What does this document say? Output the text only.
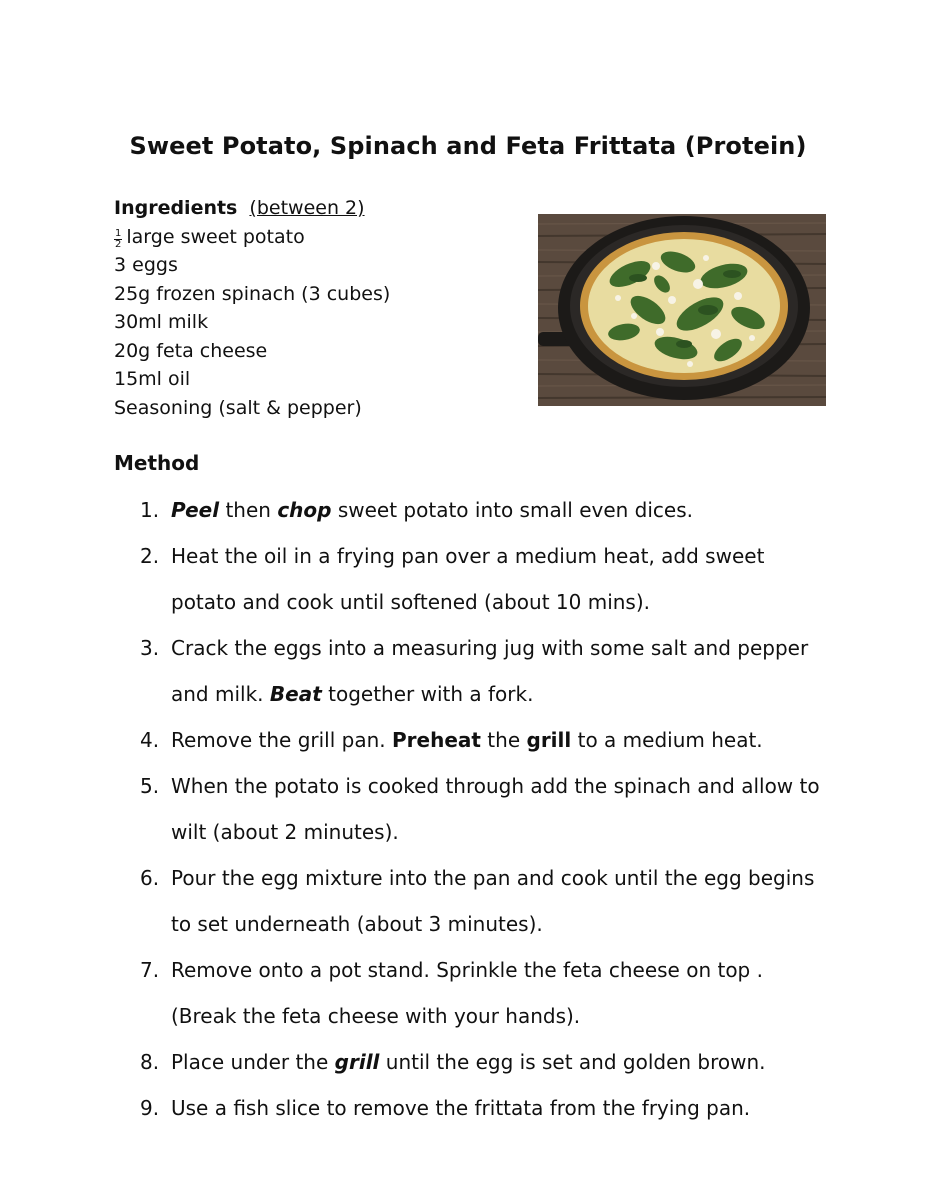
Sweet Potato, Spinach and Feta Frittata (Protein)
Ingredients (between 2)
$\frac{1}{2}$ large sweet potato
3 eggs
25g frozen spinach (3 cubes)
30ml milk
20g feta cheese
15ml oil
Seasoning (salt & pepper)
Method
1. Peel then chop sweet potato into small even dices.
2. Heat the oil in a frying pan over a medium heat, add sweet potato and cook until softened (about 10 mins).
3. Crack the eggs into a measuring jug with some salt and pepper and milk. Beat together with a fork.
4. Remove the grill pan. Preheat the grill to a medium heat.
5. When the potato is cooked through add the spinach and allow to wilt (about 2 minutes).
6. Pour the egg mixture into the pan and cook until the egg begins to set underneath (about 3 minutes).
7. Remove onto a pot stand. Sprinkle the feta cheese on top . (Break the feta cheese with your hands).
8. Place under the grill until the egg is set and golden brown.
9. Use a fish slice to remove the frittata from the frying pan.
